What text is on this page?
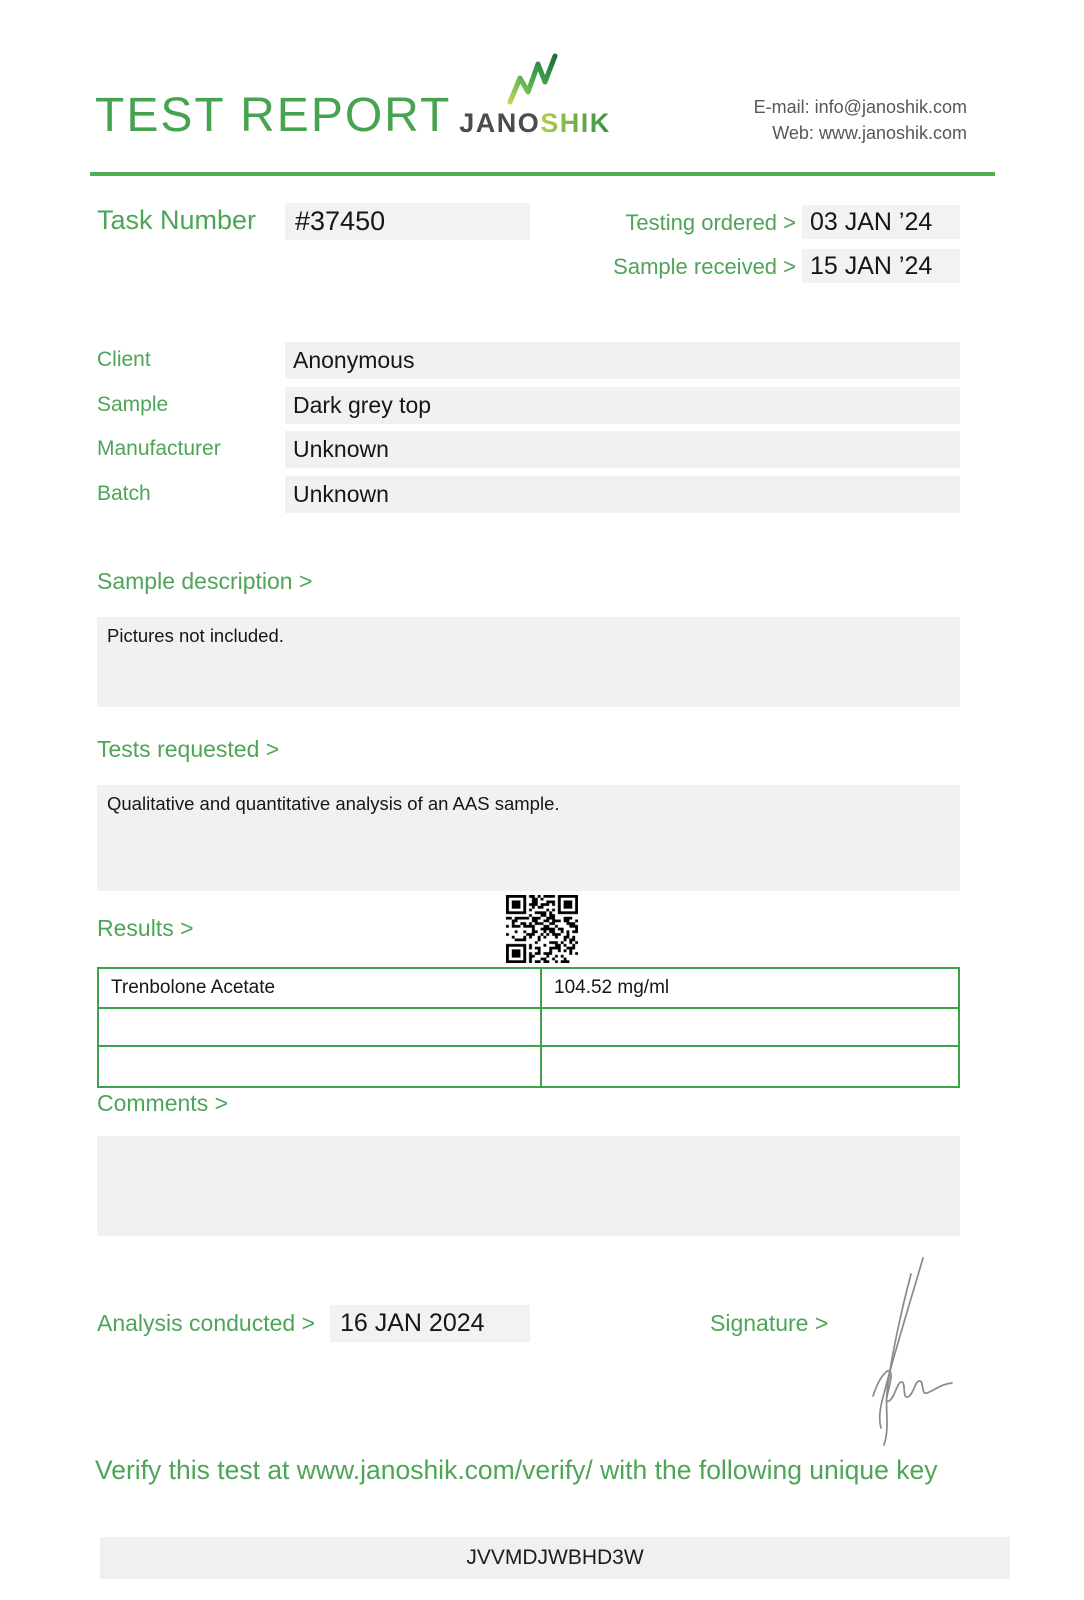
TEST REPORT JANOSHIK
E-mail: info@janoshik.com
Web: www.janoshik.com
Task Number	#37450	Testing ordered > 03 JAN ’24
Sample received > 15 JAN ’24
Client	Anonymous
Sample	Dark grey top
Manufacturer	Unknown
Batch	Unknown
Sample description >
Pictures not included.
Tests requested >
Qualitative and quantitative analysis of an AAS sample.
Results >
Trenbolone Acetate	104.52 mg/ml
Comments >
Analysis conducted >	16 JAN 2024	Signature >
Verify this test at www.janoshik.com/verify/ with the following unique key
JVVMDJWBHD3W
